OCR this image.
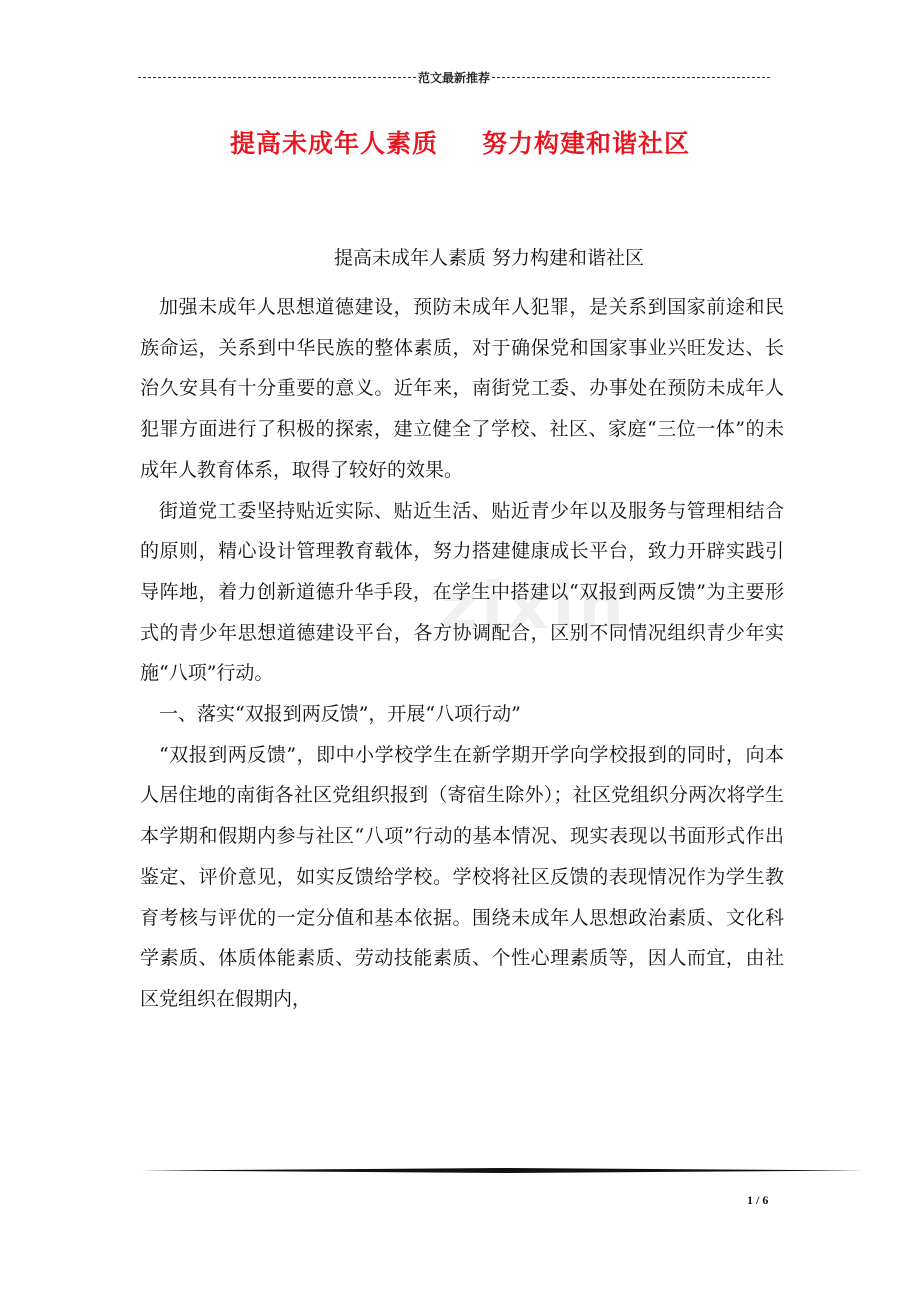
范文最新推荐
提高未成年人素质 努力构建和谐社区
提高未成年人素质 努力构建和谐社区
zixin

加强未成年人思想道德建设，预防未成年人犯罪，是关系到国家前途和民族命运，关系到中华民族的整体素质，对于确保党和国家事业兴旺发达、长治久安具有十分重要的意义。近年来，南街党工委、办事处在预防未成年人犯罪方面进行了积极的探索，建立健全了学校、社区、家庭“三位一体”的未成年人教育体系，取得了较好的效果。

街道党工委坚持贴近实际、贴近生活、贴近青少年以及服务与管理相结合的原则，精心设计管理教育载体，努力搭建健康成长平台，致力开辟实践引导阵地，着力创新道德升华手段，在学生中搭建以“双报到两反馈”为主要形式的青少年思想道德建设平台，各方协调配合，区别不同情况组织青少年实施“八项”行动。

一、落实“双报到两反馈”，开展“八项行动”

“双报到两反馈”，即中小学校学生在新学期开学向学校报到的同时，向本人居住地的南街各社区党组织报到（寄宿生除外）；社区党组织分两次将学生本学期和假期内参与社区“八项”行动的基本情况、现实表现以书面形式作出鉴定、评价意见，如实反馈给学校。学校将社区反馈的表现情况作为学生教育考核与评优的一定分值和基本依据。围绕未成年人思想政治素质、文化科学素质、体质体能素质、劳动技能素质、个性心理素质等，因人而宜，由社区党组织在假期内，

1 / 6
